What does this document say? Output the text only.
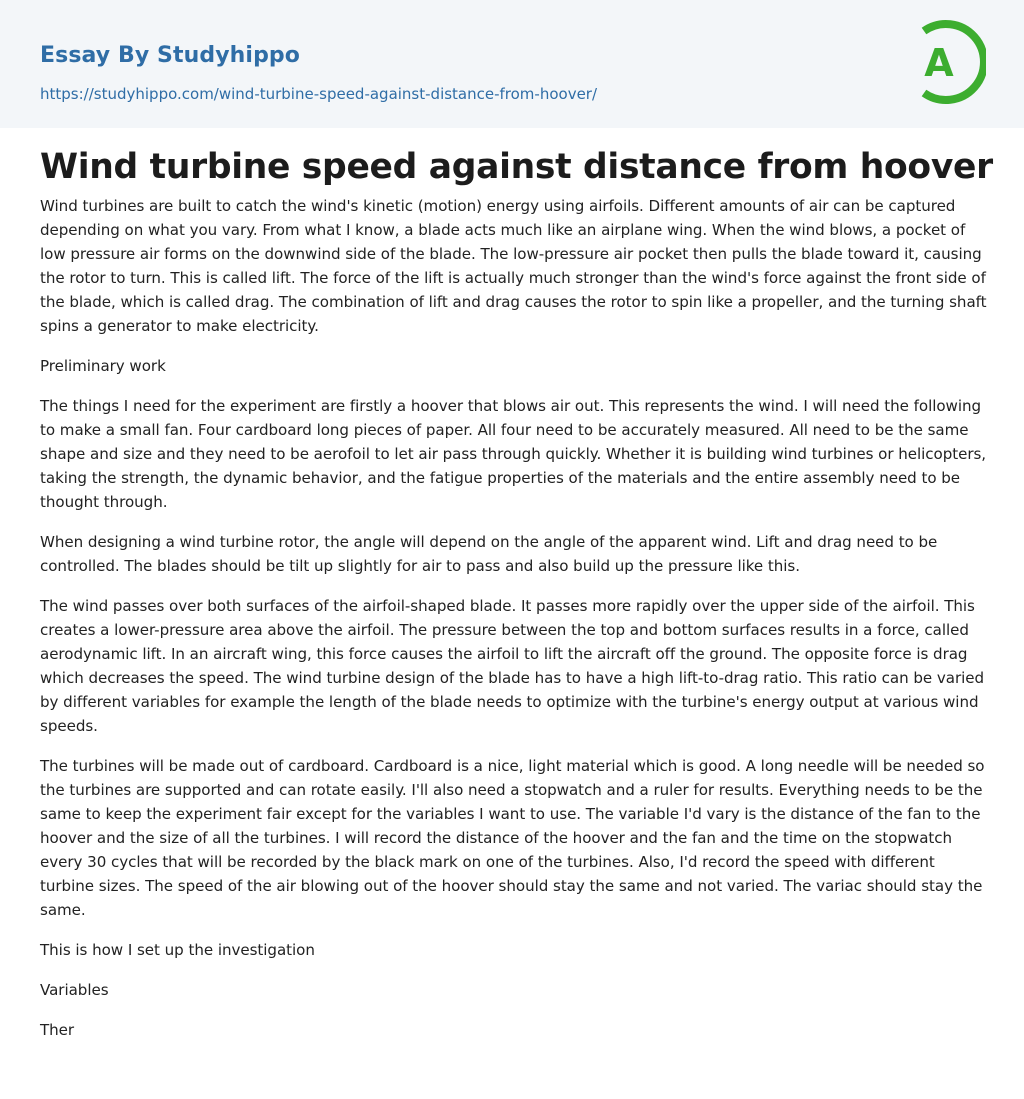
Essay By Studyhippo
https://studyhippo.com/wind-turbine-speed-against-distance-from-hoover/
A
Wind turbine speed against distance from hoover

Wind turbines are built to catch the wind's kinetic (motion) energy using airfoils. Different amounts of air can be captured depending on what you vary. From what I know, a blade acts much like an airplane wing. When the wind blows, a pocket of low pressure air forms on the downwind side of the blade. The low-pressure air pocket then pulls the blade toward it, causing the rotor to turn. This is called lift. The force of the lift is actually much stronger than the wind's force against the front side of the blade, which is called drag. The combination of lift and drag causes the rotor to spin like a propeller, and the turning shaft spins a generator to make electricity.

Preliminary work

The things I need for the experiment are firstly a hoover that blows air out. This represents the wind. I will need the following to make a small fan. Four cardboard long pieces of paper. All four need to be accurately measured. All need to be the same shape and size and they need to be aerofoil to let air pass through quickly. Whether it is building wind turbines or helicopters, taking the strength, the dynamic behavior, and the fatigue properties of the materials and the entire assembly need to be thought through.

When designing a wind turbine rotor, the angle will depend on the angle of the apparent wind. Lift and drag need to be controlled. The blades should be tilt up slightly for air to pass and also build up the pressure like this.

The wind passes over both surfaces of the airfoil-shaped blade. It passes more rapidly over the upper side of the airfoil. This creates a lower-pressure area above the airfoil. The pressure between the top and bottom surfaces results in a force, called aerodynamic lift. In an aircraft wing, this force causes the airfoil to lift the aircraft off the ground. The opposite force is drag which decreases the speed. The wind turbine design of the blade has to have a high lift-to-drag ratio. This ratio can be varied by different variables for example the length of the blade needs to optimize with the turbine's energy output at various wind speeds.

The turbines will be made out of cardboard. Cardboard is a nice, light material which is good. A long needle will be needed so the turbines are supported and can rotate easily. I'll also need a stopwatch and a ruler for results. Everything needs to be the same to keep the experiment fair except for the variables I want to use. The variable I'd vary is the distance of the fan to the hoover and the size of all the turbines. I will record the distance of the hoover and the fan and the time on the stopwatch every 30 cycles that will be recorded by the black mark on one of the turbines. Also, I'd record the speed with different turbine sizes. The speed of the air blowing out of the hoover should stay the same and not varied. The variac should stay the same.

This is how I set up the investigation

Variables

Ther
